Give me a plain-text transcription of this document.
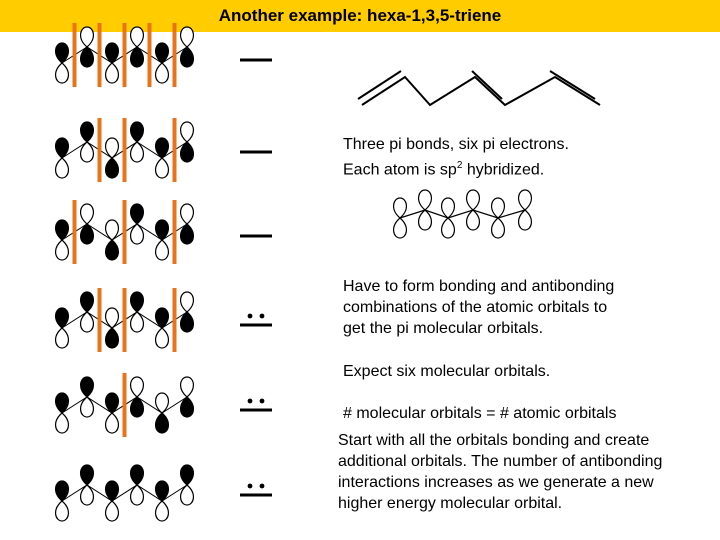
Another example: hexa-1,3,5-triene
Three pi bonds, six pi electrons.
Each atom is $sp^2$ hybridized.
Have to form bonding and antibonding
combinations of the atomic orbitals to
get the pi molecular orbitals.
Expect six molecular orbitals.
# molecular orbitals = # atomic orbitals
Start with all the orbitals bonding and create
additional orbitals. The number of antibonding
interactions increases as we generate a new
higher energy molecular orbital.
